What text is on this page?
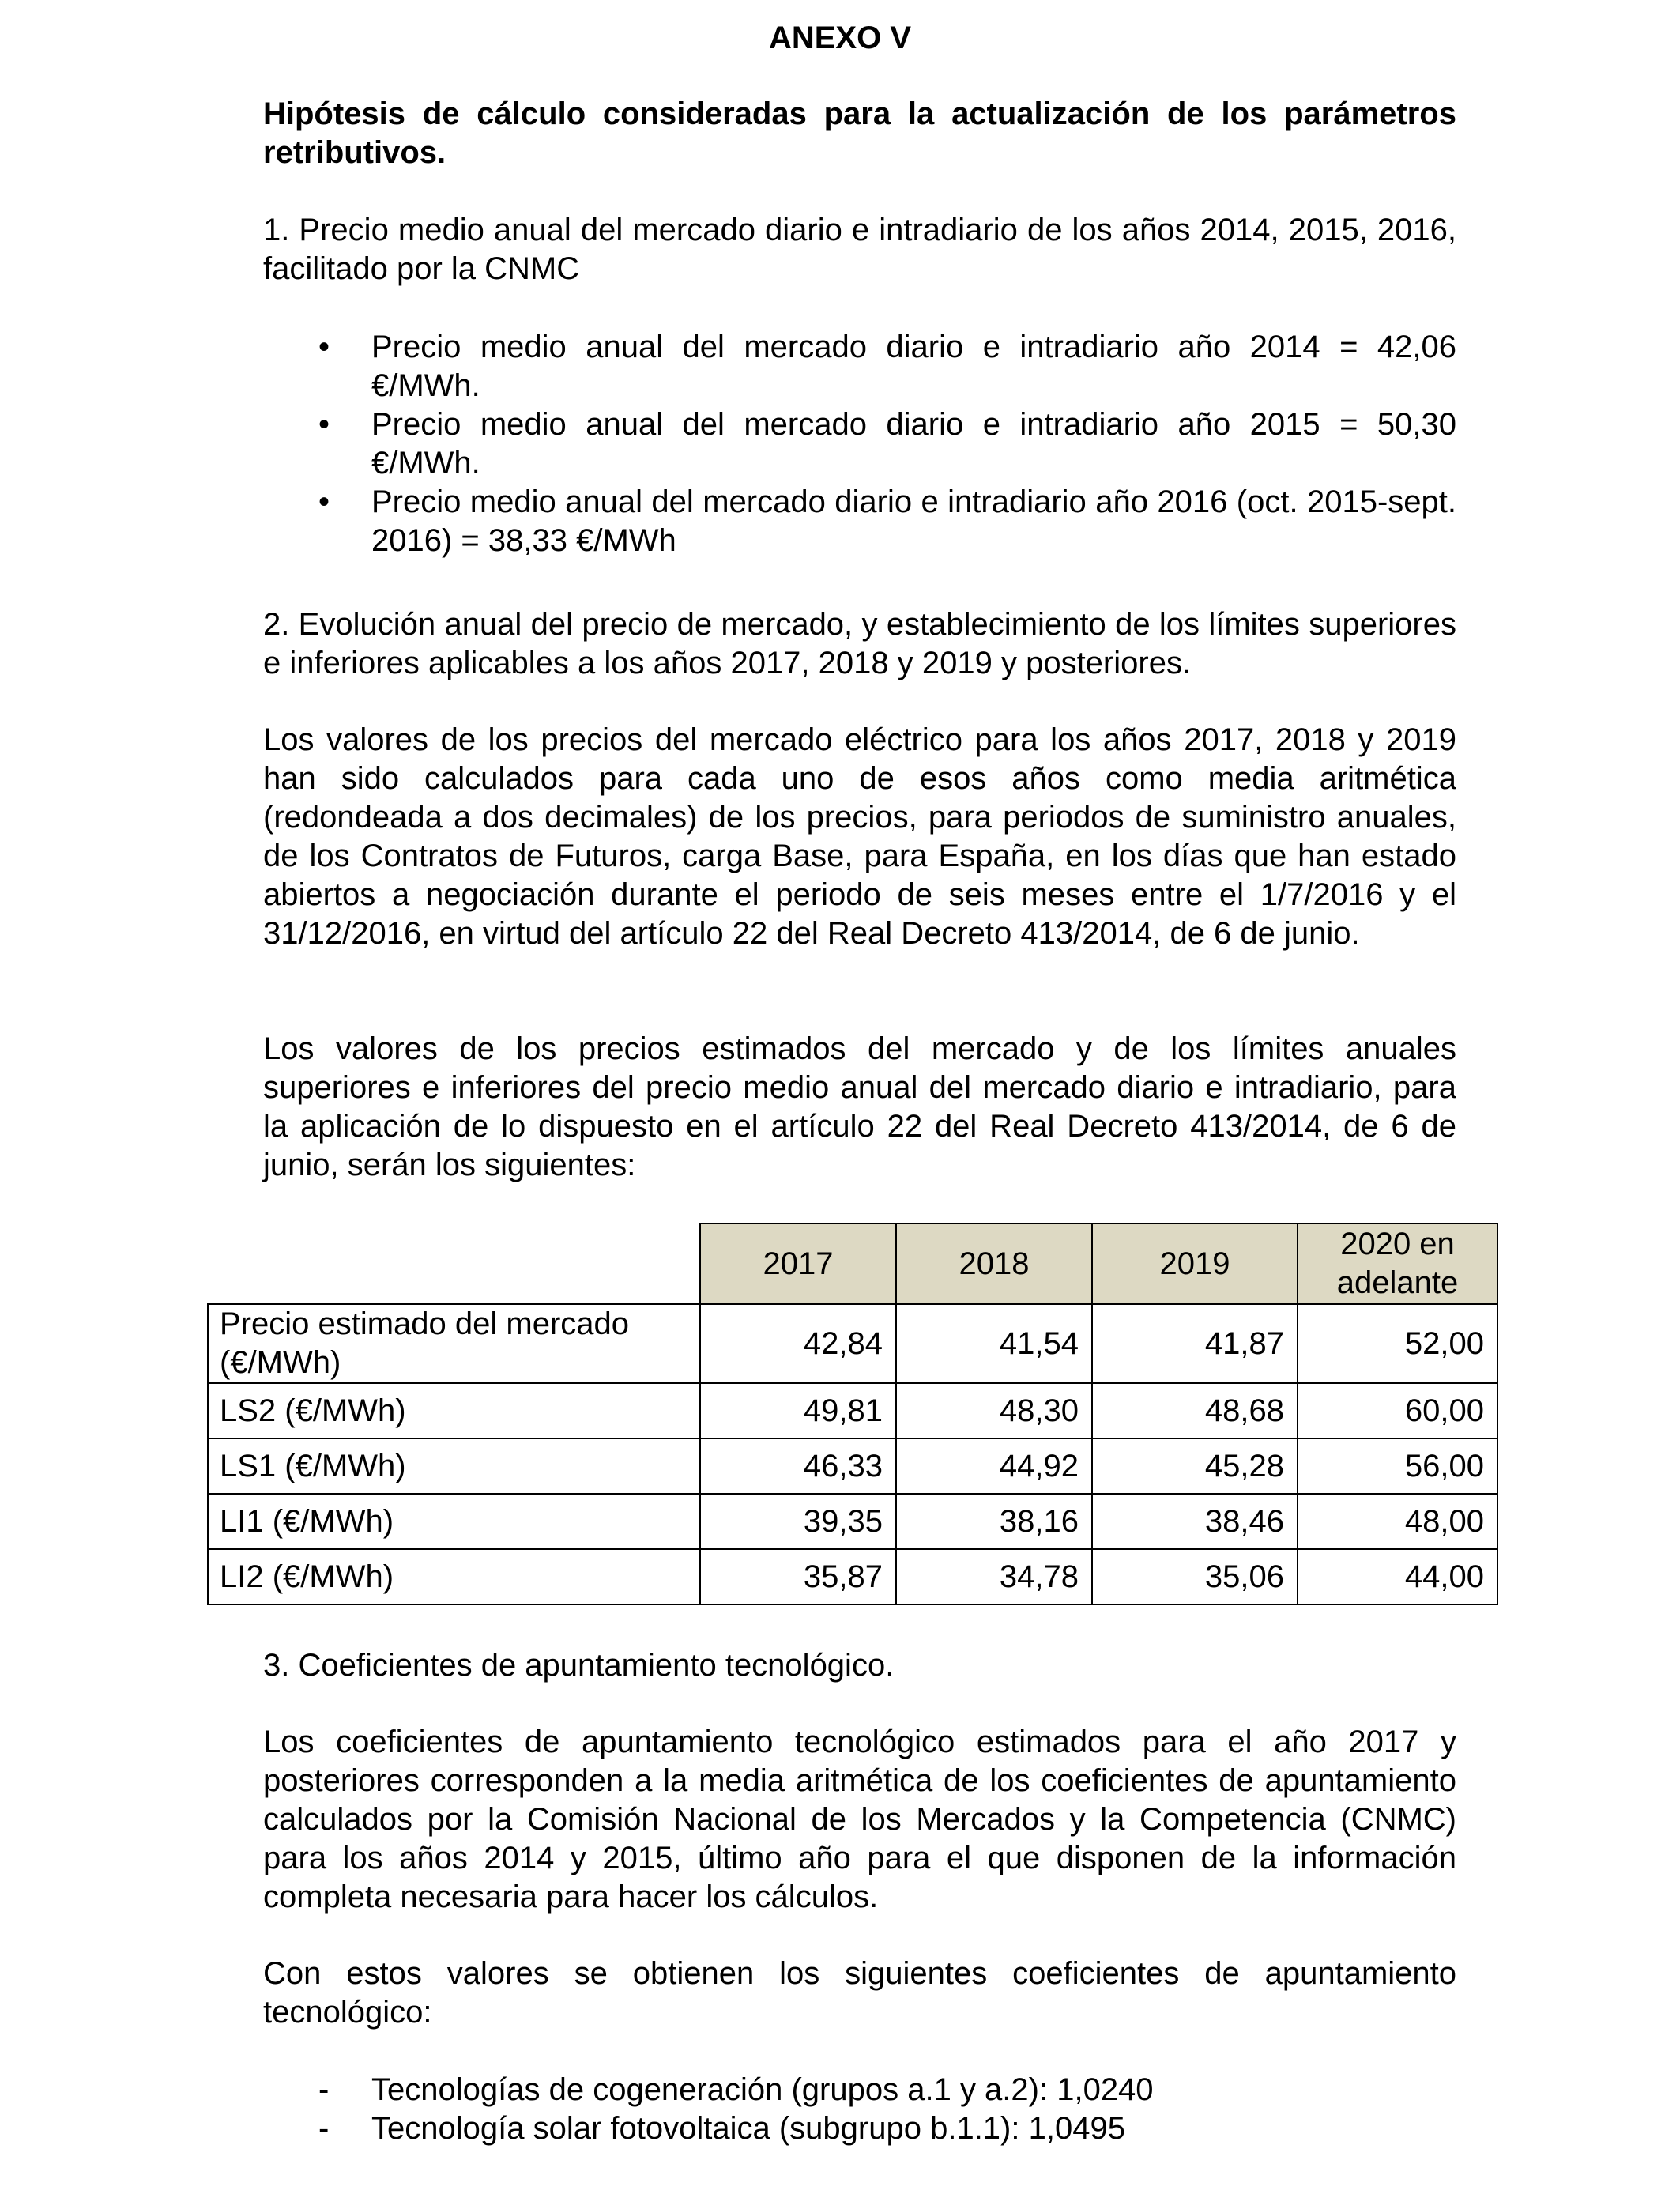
ANEXO V

Hipótesis de cálculo consideradas para la actualización de los parámetros retributivos.

1. Precio medio anual del mercado diario e intradiario de los años 2014, 2015, 2016, facilitado por la CNMC

•	Precio medio anual del mercado diario e intradiario año 2014 = 42,06 €/MWh.
•	Precio medio anual del mercado diario e intradiario año 2015 = 50,30 €/MWh.
•	Precio medio anual del mercado diario e intradiario año 2016 (oct. 2015-sept. 2016) = 38,33 €/MWh

2. Evolución anual del precio de mercado, y establecimiento de los límites superiores e inferiores aplicables a los años 2017, 2018 y 2019 y posteriores.

Los valores de los precios del mercado eléctrico para los años 2017, 2018 y 2019 han sido calculados para cada uno de esos años como media aritmética (redondeada a dos decimales) de los precios, para periodos de suministro anuales, de los Contratos de Futuros, carga Base, para España, en los días que han estado abiertos a negociación durante el periodo de seis meses entre el 1/7/2016 y el 31/12/2016, en virtud del artículo 22 del Real Decreto 413/2014, de 6 de junio.

Los valores de los precios estimados del mercado y de los límites anuales superiores e inferiores del precio medio anual del mercado diario e intradiario, para la aplicación de lo dispuesto en el artículo 22 del Real Decreto 413/2014, de 6 de junio, serán los siguientes:

	2017	2018	2019	2020 en adelante
Precio estimado del mercado (€/MWh)	42,84	41,54	41,87	52,00
LS2 (€/MWh)	49,81	48,30	48,68	60,00
LS1 (€/MWh)	46,33	44,92	45,28	56,00
LI1 (€/MWh)	39,35	38,16	38,46	48,00
LI2 (€/MWh)	35,87	34,78	35,06	44,00

3. Coeficientes de apuntamiento tecnológico.

Los coeficientes de apuntamiento tecnológico estimados para el año 2017 y posteriores corresponden a la media aritmética de los coeficientes de apuntamiento calculados por la Comisión Nacional de los Mercados y la Competencia (CNMC) para los años 2014 y 2015, último año para el que disponen de la información completa necesaria para hacer los cálculos.

Con estos valores se obtienen los siguientes coeficientes de apuntamiento tecnológico:

- Tecnologías de cogeneración (grupos a.1 y a.2): 1,0240
- Tecnología solar fotovoltaica (subgrupo b.1.1): 1,0495
